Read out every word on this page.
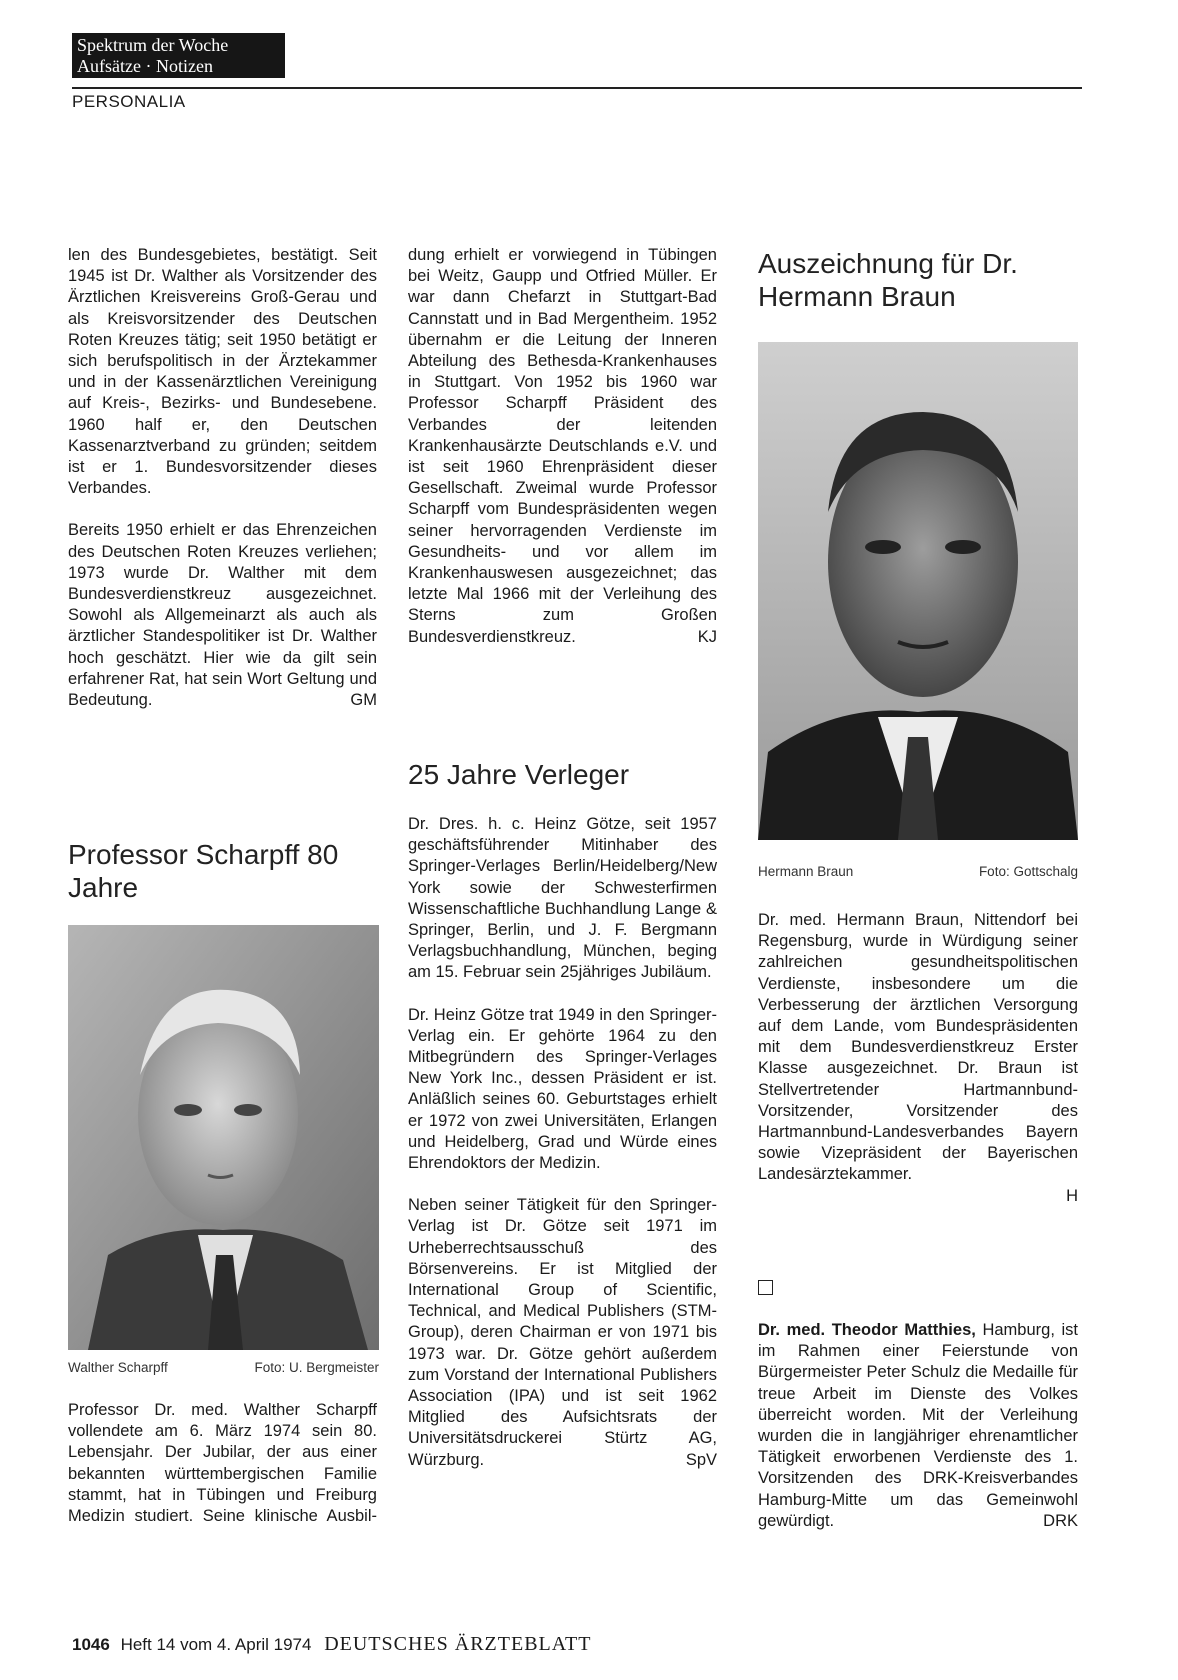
Spektrum der Woche
Aufsätze · Notizen
PERSONALIA

len des Bundesgebietes, bestätigt. Seit 1945 ist Dr. Walther als Vorsitzender des Ärztlichen Kreisvereins Groß-Gerau und als Kreisvorsitzender des Deutschen Roten Kreuzes tätig; seit 1950 betätigt er sich berufspolitisch in der Ärztekammer und in der Kassenärztlichen Vereinigung auf Kreis-, Bezirks- und Bundesebene. 1960 half er, den Deutschen Kassenarztverband zu gründen; seitdem ist er 1. Bundesvorsitzender dieses Verbandes.

Bereits 1950 erhielt er das Ehrenzeichen des Deutschen Roten Kreuzes verliehen; 1973 wurde Dr. Walther mit dem Bundesverdienstkreuz ausgezeichnet. Sowohl als Allgemeinarzt als auch als ärztlicher Standespolitiker ist Dr. Walther hoch geschätzt. Hier wie da gilt sein erfahrener Rat, hat sein Wort Geltung und Bedeutung.	GM

Professor Scharpff 80 Jahre
Walther Scharpff	Foto: U. Bergmeister

Professor Dr. med. Walther Scharpff vollendete am 6. März 1974 sein 80. Lebensjahr. Der Jubilar, der aus einer bekannten württembergischen Familie stammt, hat in Tübingen und Freiburg Medizin studiert. Seine klinische Ausbil-

dung erhielt er vorwiegend in Tübingen bei Weitz, Gaupp und Otfried Müller. Er war dann Chefarzt in Stuttgart-Bad Cannstatt und in Bad Mergentheim. 1952 übernahm er die Leitung der Inneren Abteilung des Bethesda-Krankenhauses in Stuttgart. Von 1952 bis 1960 war Professor Scharpff Präsident des Verbandes der leitenden Krankenhausärzte Deutschlands e.V. und ist seit 1960 Ehrenpräsident dieser Gesellschaft. Zweimal wurde Professor Scharpff vom Bundespräsidenten wegen seiner hervorragenden Verdienste im Gesundheits- und vor allem im Krankenhauswesen ausgezeichnet; das letzte Mal 1966 mit der Verleihung des Sterns zum Großen Bundesverdienstkreuz.	KJ

25 Jahre Verleger

Dr. Dres. h. c. Heinz Götze, seit 1957 geschäftsführender Mitinhaber des Springer-Verlages Berlin/Heidelberg/New York sowie der Schwesterfirmen Wissenschaftliche Buchhandlung Lange & Springer, Berlin, und J. F. Bergmann Verlagsbuchhandlung, München, beging am 15. Februar sein 25jähriges Jubiläum.

Dr. Heinz Götze trat 1949 in den Springer-Verlag ein. Er gehörte 1964 zu den Mitbegründern des Springer-Verlages New York Inc., dessen Präsident er ist. Anläßlich seines 60. Geburtstages erhielt er 1972 von zwei Universitäten, Erlangen und Heidelberg, Grad und Würde eines Ehrendoktors der Medizin.

Neben seiner Tätigkeit für den Springer-Verlag ist Dr. Götze seit 1971 im Urheberrechtsausschuß des Börsenvereins. Er ist Mitglied der International Group of Scientific, Technical, and Medical Publishers (STM-Group), deren Chairman er von 1971 bis 1973 war. Dr. Götze gehört außerdem zum Vorstand der International Publishers Association (IPA) und ist seit 1962 Mitglied des Aufsichtsrats der Universitätsdruckerei Stürtz AG, Würzburg.	SpV

Auszeichnung für Dr. Hermann Braun
Hermann Braun	Foto: Gottschalg

Dr. med. Hermann Braun, Nittendorf bei Regensburg, wurde in Würdigung seiner zahlreichen gesundheitspolitischen Verdienste, insbesondere um die Verbesserung der ärztlichen Versorgung auf dem Lande, vom Bundespräsidenten mit dem Bundesverdienstkreuz Erster Klasse ausgezeichnet. Dr. Braun ist Stellvertretender Hartmannbund-Vorsitzender, Vorsitzender des Hartmannbund-Landesverbandes Bayern sowie Vizepräsident der Bayerischen Landesärztekammer.

H

Dr. med. Theodor Matthies, Hamburg, ist im Rahmen einer Feierstunde von Bürgermeister Peter Schulz die Medaille für treue Arbeit im Dienste des Volkes überreicht worden. Mit der Verleihung wurden die in langjähriger ehrenamtlicher Tätigkeit erworbenen Verdienste des 1. Vorsitzenden des DRK-Kreisverbandes Hamburg-Mitte um das Gemeinwohl gewürdigt.	DRK

1046 Heft 14 vom 4. April 1974 DEUTSCHES ÄRZTEBLATT
